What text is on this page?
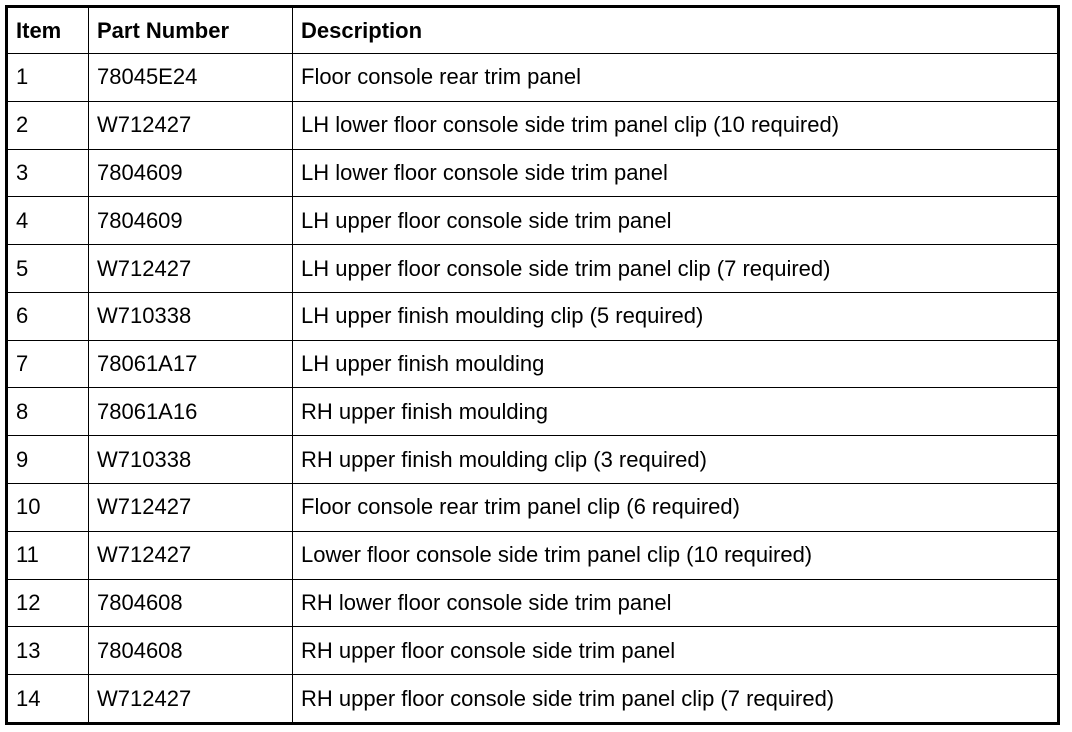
Item	Part Number	Description
1	78045E24	Floor console rear trim panel
2	W712427	LH lower floor console side trim panel clip (10 required)
3	7804609	LH lower floor console side trim panel
4	7804609	LH upper floor console side trim panel
5	W712427	LH upper floor console side trim panel clip (7 required)
6	W710338	LH upper finish moulding clip (5 required)
7	78061A17	LH upper finish moulding
8	78061A16	RH upper finish moulding
9	W710338	RH upper finish moulding clip (3 required)
10	W712427	Floor console rear trim panel clip (6 required)
11	W712427	Lower floor console side trim panel clip (10 required)
12	7804608	RH lower floor console side trim panel
13	7804608	RH upper floor console side trim panel
14	W712427	RH upper floor console side trim panel clip (7 required)
